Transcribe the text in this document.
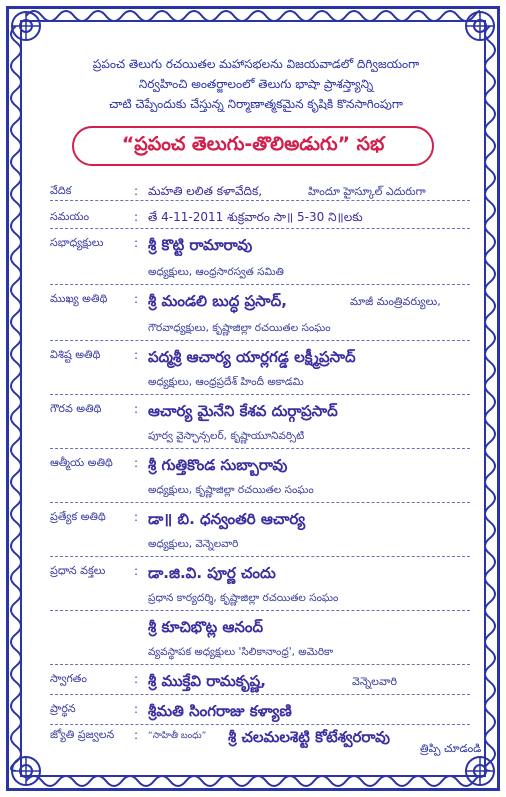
ప్రపంచ తెలుగు రచయితల మహాసభలను విజయవాడలో దిగ్విజయంగా
నిర్వహించి అంతర్జాలంలో తెలుగు భాషా ప్రాశస్త్యాన్ని
చాటి చెప్పేందుకు చేస్తున్న నిర్మాణాత్మకమైన కృషికి కొనసాగింపుగా
“ప్రపంచ తెలుగు-తొలిఅడుగు” సభ
వేదిక	: మహతి లలిత కళావేదిక,	హిందూ హైస్కూల్ ఎదురుగా
సమయం	: తే 4-11-2011 శుక్రవారం సా॥ 5-30 ని॥లకు
సభాధ్యక్షులు	: శ్రీ కొట్టి రామారావు
అధ్యక్షులు, ఆంధ్రసారస్వత సమితి
ముఖ్య అతిథి	: శ్రీ మండలి బుద్ధ ప్రసాద్,	మాజీ మంత్రివర్యులు,
గౌరవాధ్యక్షులు, కృష్ణాజిల్లా రచయితల సంఘం
విశిష్ట అతిథి	: పద్మశ్రీ ఆచార్య యార్లగడ్డ లక్ష్మీప్రసాద్
అధ్యక్షులు, ఆంధ్రప్రదేశ్ హిందీ అకాడమి
గౌరవ అతిథి	: ఆచార్య మైనేని కేశవ దుర్గాప్రసాద్
పూర్వ వైస్ఛాన్సలర్, కృష్ణాయూనివర్సిటి
ఆత్మీయ అతిథి	: శ్రీ గుత్తికొండ సుబ్బారావు
అధ్యక్షులు, కృష్ణాజిల్లా రచయితల సంఘం
ప్రత్యేక అతిథి	: డా॥ బి. ధన్వంతరి ఆచార్య
అధ్యక్షులు, వెన్నెలవారి
ప్రధాన వక్తలు	: డా.జి.వి. పూర్ణ చందు
ప్రధాన కార్యదర్శి, కృష్ణాజిల్లా రచయితల సంఘం
శ్రీ కూచిభొట్ల ఆనంద్
వ్యవస్థాపక అధ్యక్షులు 'సిలికానాంధ్ర', అమెరికా
స్వాగతం	: శ్రీ ముక్తేవి రామకృష్ణ,	వెన్నెలవారి
ప్రార్థన	: శ్రీమతి సింగరాజు కళ్యాణి
జ్యోతి ప్రజ్వలన	: “సాహితీ బంధు” శ్రీ చలమలశెట్టి కోటేశ్వరరావు
త్రిప్పి చూడండి
